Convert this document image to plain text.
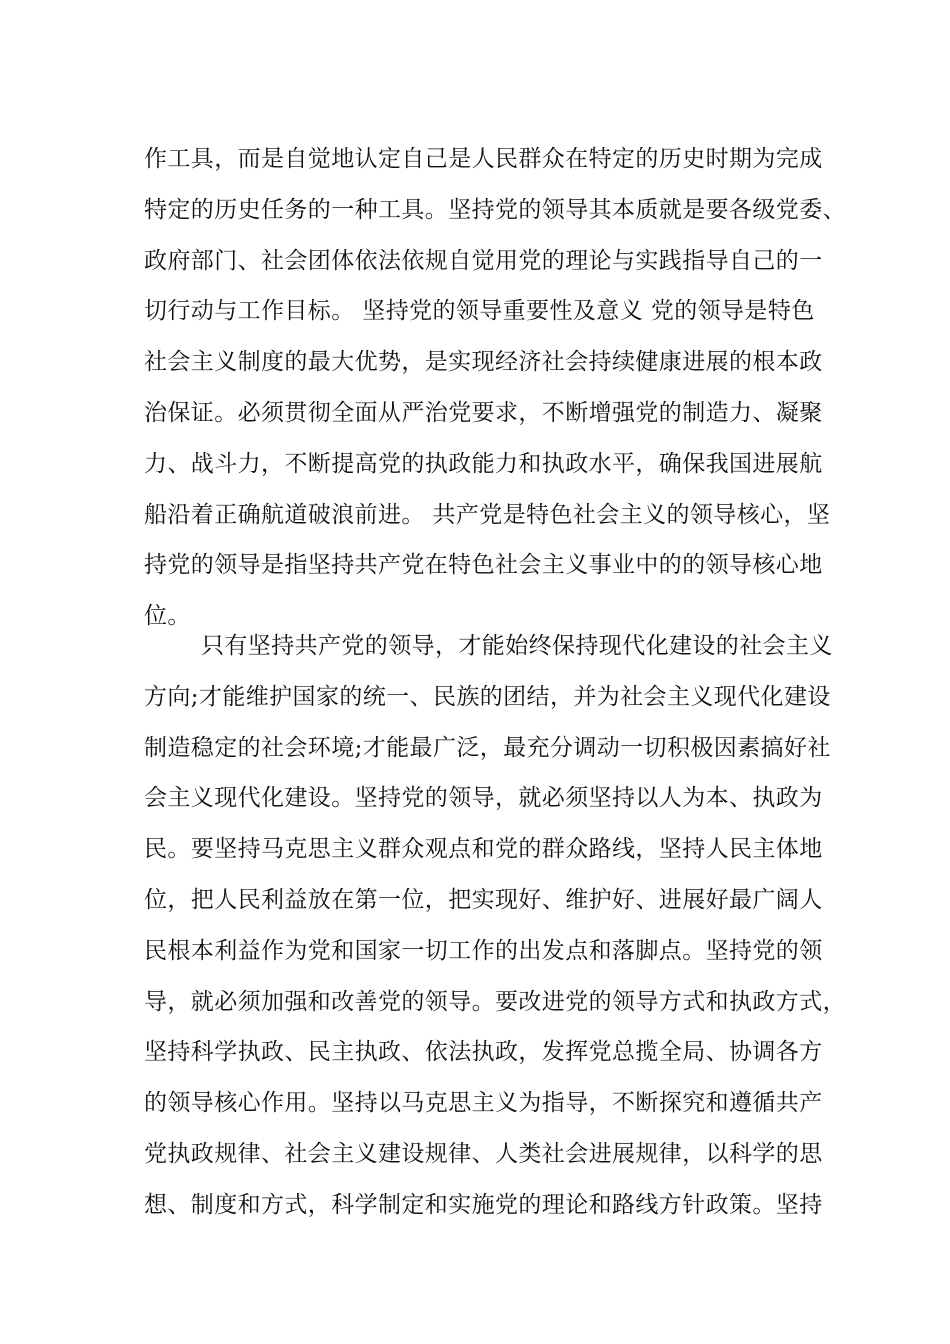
作工具，而是自觉地认定自己是人民群众在特定的历史时期为完成
特定的历史任务的一种工具。坚持党的领导其本质就是要各级党委、
政府部门、社会团体依法依规自觉用党的理论与实践指导自己的一
切行动与工作目标。 坚持党的领导重要性及意义 党的领导是特色
社会主义制度的最大优势，是实现经济社会持续健康进展的根本政
治保证。必须贯彻全面从严治党要求，不断增强党的制造力、凝聚
力、战斗力，不断提高党的执政能力和执政水平，确保我国进展航
船沿着正确航道破浪前进。 共产党是特色社会主义的领导核心，坚
持党的领导是指坚持共产党在特色社会主义事业中的的领导核心地
位。
只有坚持共产党的领导，才能始终保持现代化建设的社会主义
方向;才能维护国家的统一、民族的团结，并为社会主义现代化建设
制造稳定的社会环境;才能最广泛，最充分调动一切积极因素搞好社
会主义现代化建设。坚持党的领导，就必须坚持以人为本、执政为
民。要坚持马克思主义群众观点和党的群众路线，坚持人民主体地
位，把人民利益放在第一位，把实现好、维护好、进展好最广阔人
民根本利益作为党和国家一切工作的出发点和落脚点。坚持党的领
导，就必须加强和改善党的领导。要改进党的领导方式和执政方式，
坚持科学执政、民主执政、依法执政，发挥党总揽全局、协调各方
的领导核心作用。坚持以马克思主义为指导，不断探究和遵循共产
党执政规律、社会主义建设规律、人类社会进展规律，以科学的思
想、制度和方式，科学制定和实施党的理论和路线方针政策。坚持
